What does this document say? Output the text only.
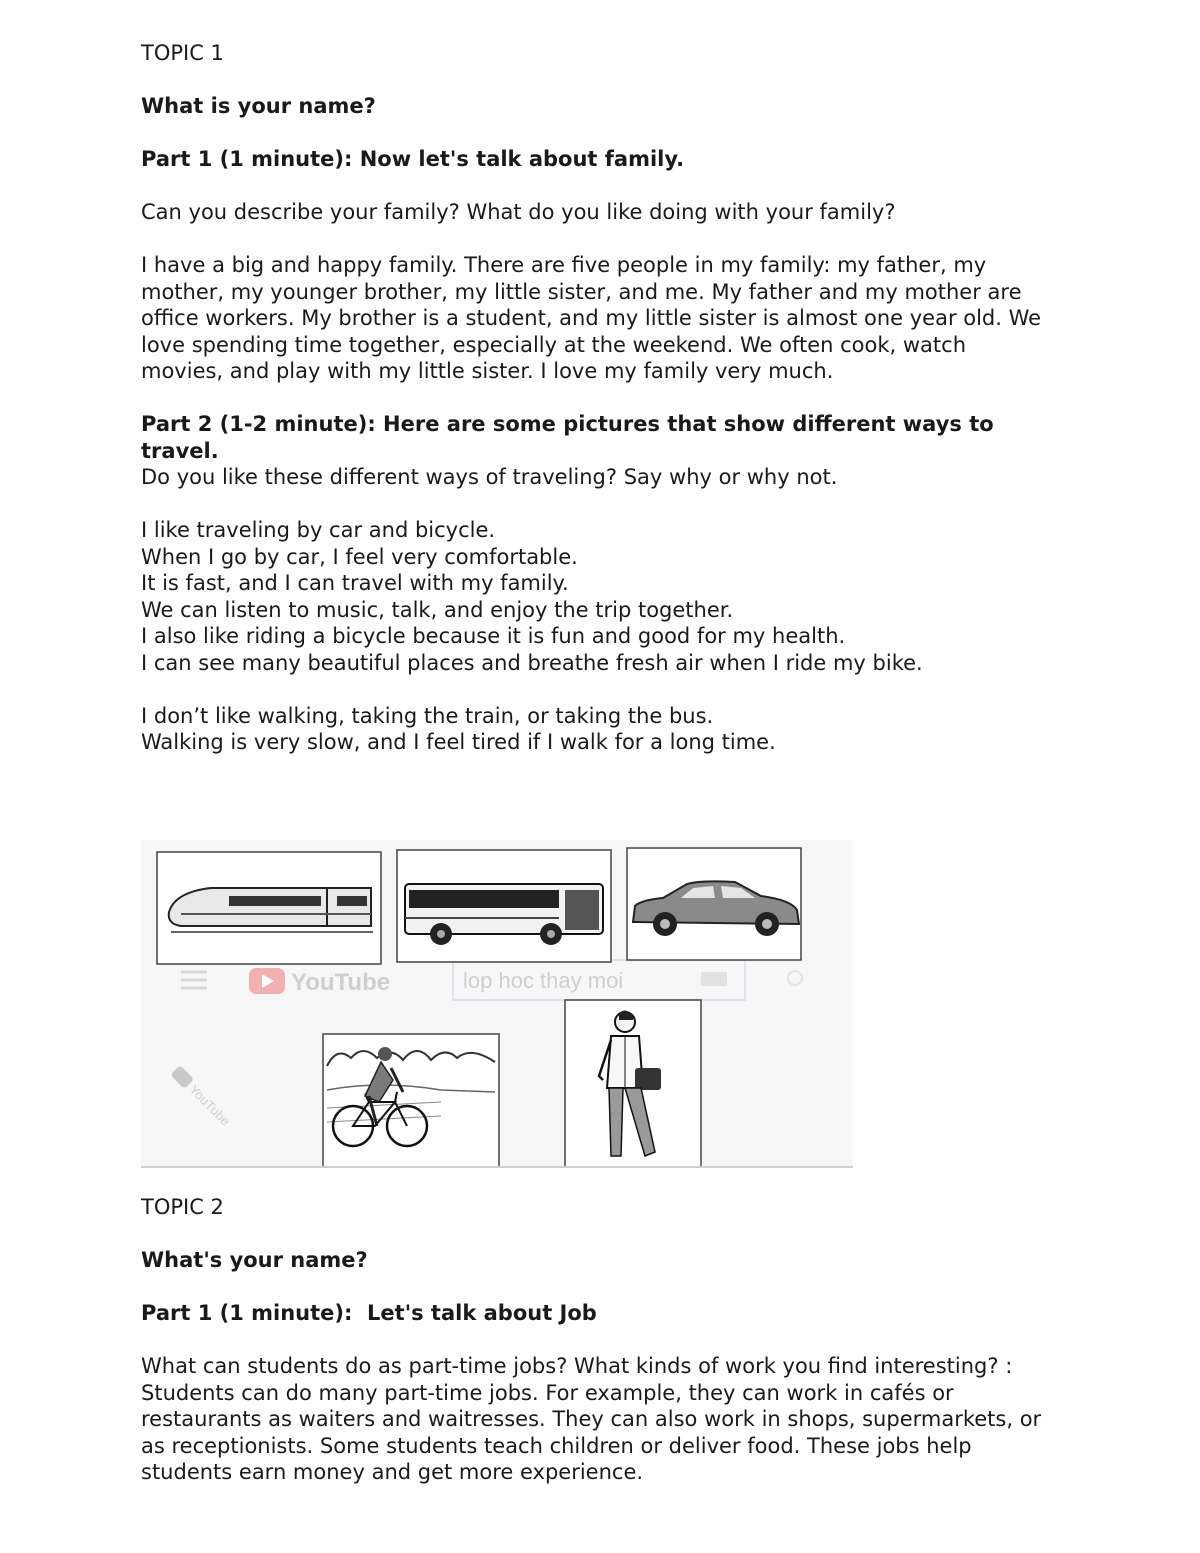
TOPIC 1

What is your name?

Part 1 (1 minute): Now let's talk about family.

Can you describe your family? What do you like doing with your family?

I have a big and happy family. There are five people in my family: my father, my

mother, my younger brother, my little sister, and me. My father and my mother are

office workers. My brother is a student, and my little sister is almost one year old. We

love spending time together, especially at the weekend. We often cook, watch

movies, and play with my little sister. I love my family very much.

Part 2 (1-2 minute): Here are some pictures that show different ways to

travel.

Do you like these different ways of traveling? Say why or why not.

I like traveling by car and bicycle.

When I go by car, I feel very comfortable.

It is fast, and I can travel with my family.

We can listen to music, talk, and enjoy the trip together.

I also like riding a bicycle because it is fun and good for my health.

I can see many beautiful places and breathe fresh air when I ride my bike.

I don’t like walking, taking the train, or taking the bus.

Walking is very slow, and I feel tired if I walk for a long time.

YouTube	lop hoc thay moi
YouTube

TOPIC 2

What's your name?

Part 1 (1 minute):  Let's talk about Job

What can students do as part-time jobs? What kinds of work you find interesting? :

Students can do many part-time jobs. For example, they can work in cafés or

restaurants as waiters and waitresses. They can also work in shops, supermarkets, or

as receptionists. Some students teach children or deliver food. These jobs help

students earn money and get more experience.
